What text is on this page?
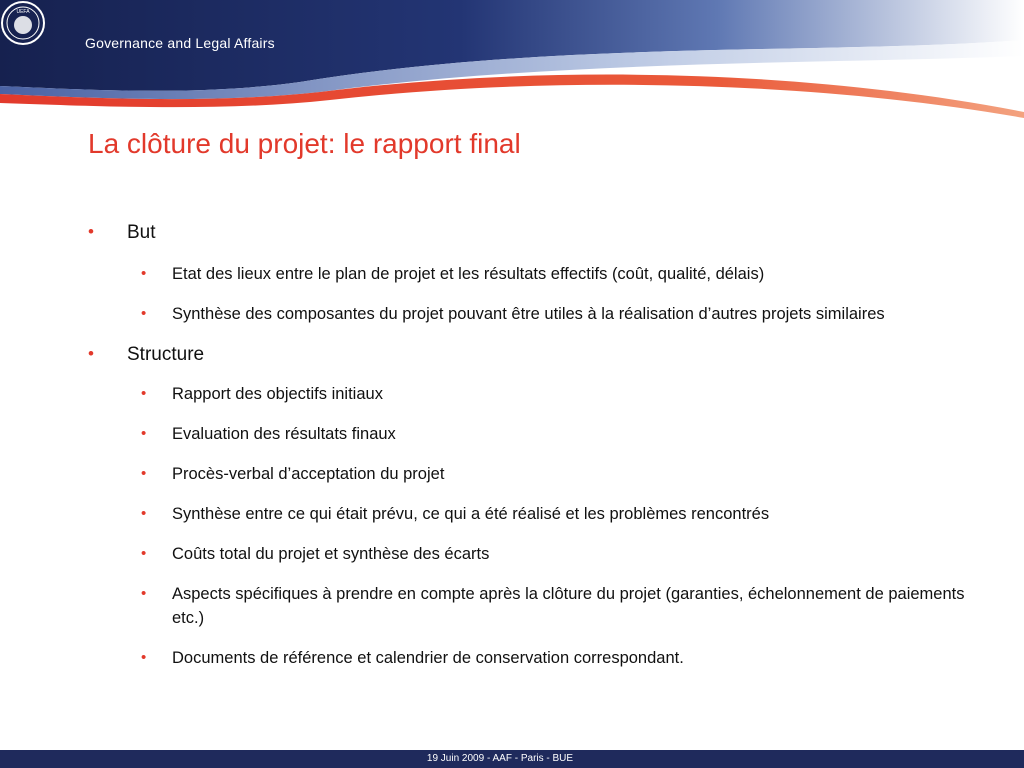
UEFA
Governance and Legal Affairs
La clôture du projet: le rapport final
• But
• Etat des lieux entre le plan de projet et les résultats effectifs (coût, qualité, délais)
• Synthèse des composantes du projet pouvant être utiles à la réalisation d’autres projets similaires
• Structure
• Rapport des objectifs initiaux
• Evaluation des résultats finaux
• Procès-verbal d’acceptation du projet
• Synthèse entre ce qui était prévu, ce qui a été réalisé et les problèmes rencontrés
• Coûts total du projet et synthèse des écarts
• Aspects spécifiques à prendre en compte après la clôture du projet (garanties, échelonnement de paiements etc.)
• Documents de référence et calendrier de conservation correspondant.
19 Juin 2009 - AAF - Paris - BUE
